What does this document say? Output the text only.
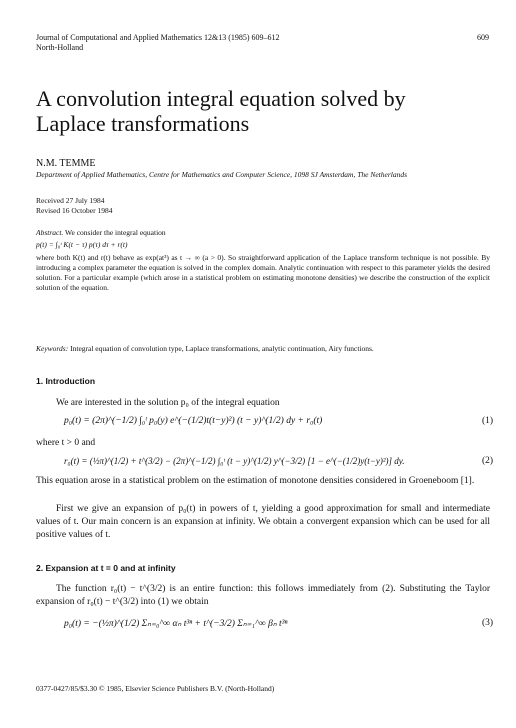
Journal of Computational and Applied Mathematics 12&13 (1985) 609–612
North-Holland
609
A convolution integral equation solved by
Laplace transformations
N.M. TEMME
Department of Applied Mathematics, Centre for Mathematics and Computer Science, 1098 SJ Amsterdam, The Netherlands
Received 27 July 1984
Revised 16 October 1984
Abstract. We consider the integral equation
p(t) = ∫₀ᵗ K(t − τ) p(τ) dτ + r(t)
where both K(t) and r(t) behave as exp(at³) as t → ∞ (a > 0). So straightforward application of the Laplace transform technique is not possible. By introducing a complex parameter the equation is solved in the complex domain. Analytic continuation with respect to this parameter yields the desired solution. For a particular example (which arose in a statistical problem on estimating monotone densities) we describe the construction of the explicit solution of the equation.
Keywords: Integral equation of convolution type, Laplace transformations, analytic continuation, Airy functions.
1. Introduction
We are interested in the solution p₀ of the integral equation
p₀(t) = (2π)^(−1/2) ∫₀ᵗ p₀(y) e^(−(1/2)t(t−y)²) (t − y)^(1/2) dy + r₀(t)	(1)
where t > 0 and
r₀(t) = (½π)^(1/2) + t^(3/2) − (2π)^(−1/2) ∫₀ᵗ (t − y)^(1/2) y^(−3/2) [1 − e^(−(1/2)y(t−y)²)] dy.	(2)
This equation arose in a statistical problem on the estimation of monotone densities considered in Groeneboom [1].
First we give an expansion of p₀(t) in powers of t, yielding a good approximation for small and intermediate values of t. Our main concern is an expansion at infinity. We obtain a convergent expansion which can be used for all positive values of t.
2. Expansion at t = 0 and at infinity
The function r₀(t) − t^(3/2) is an entire function: this follows immediately from (2). Substituting the Taylor expansion of r₀(t) − t^(3/2) into (1) we obtain
p₀(t) = −(½π)^(1/2) Σₙ₌₀^∞ αₙ t³ⁿ + t^(−3/2) Σₙ₌₁^∞ βₙ t³ⁿ	(3)
0377-0427/85/$3.30 © 1985, Elsevier Science Publishers B.V. (North-Holland)
